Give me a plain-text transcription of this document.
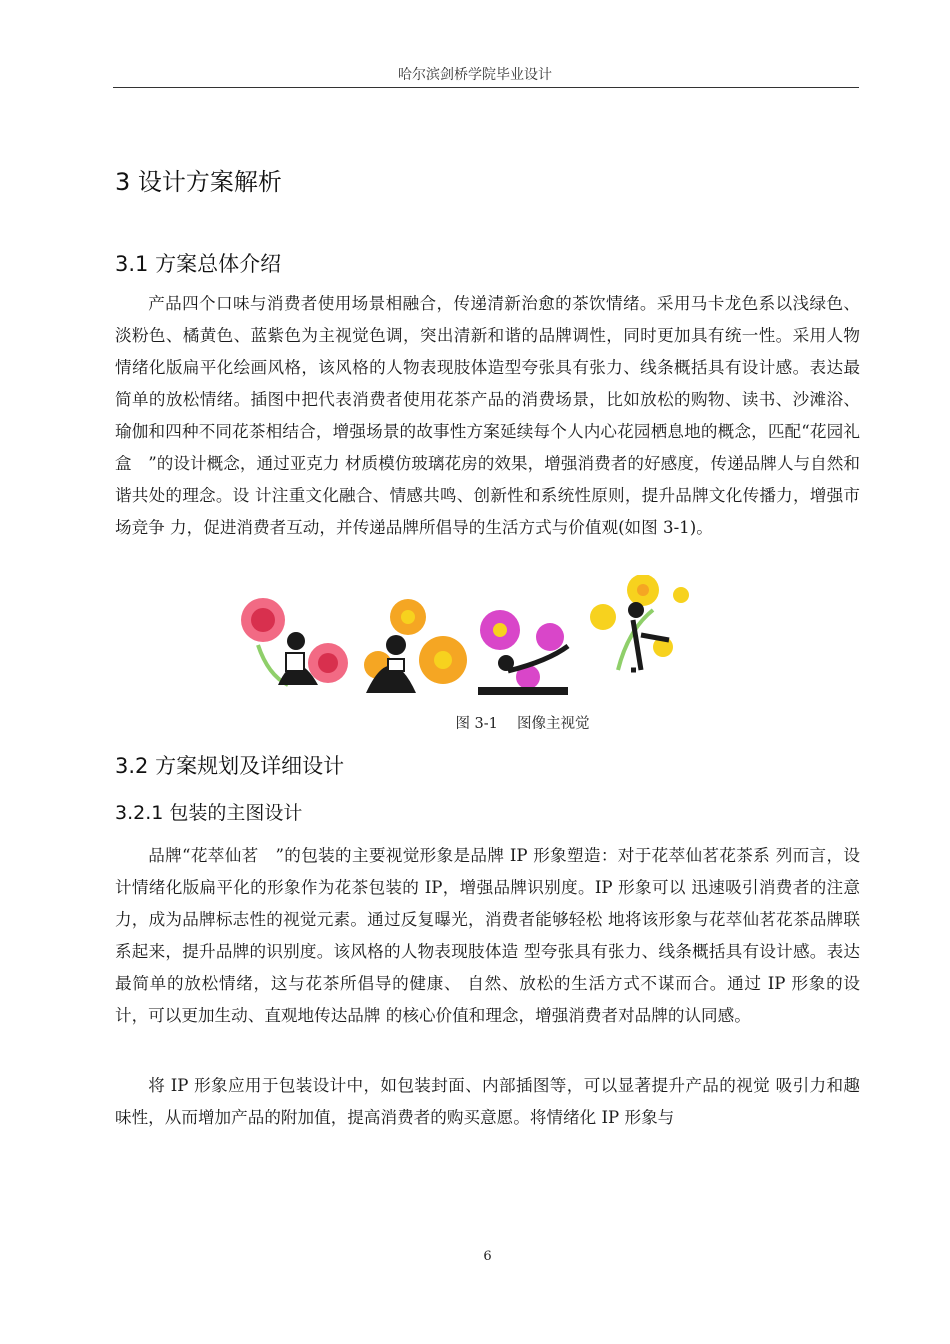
哈尔滨剑桥学院毕业设计
3 设计方案解析
3.1 方案总体介绍

产品四个口味与消费者使用场景相融合，传递清新治愈的茶饮情绪。采用马卡龙色系以浅绿色、淡粉色、橘黄色、蓝紫色为主视觉色调，突出清新和谐的品牌调性，同时更加具有统一性。采用人物情绪化版扁平化绘画风格，该风格的人物表现肢体造型夸张具有张力、线条概括具有设计感。表达最简单的放松情绪。插图中把代表消费者使用花茶产品的消费场景，比如放松的购物、读书、沙滩浴、瑜伽和四种不同花茶相结合，增强场景的故事性方案延续每个人内心花园栖息地的概念，匹配“花园礼盒　”的设计概念，通过亚克力 材质模仿玻璃花房的效果，增强消费者的好感度，传递品牌人与自然和谐共处的理念。设 计注重文化融合、情感共鸣、创新性和系统性原则，提升品牌文化传播力，增强市场竞争 力，促进消费者互动，并传递品牌所倡导的生活方式与价值观(如图 3-1)。

图 3-1　 图像主视觉
3.2 方案规划及详细设计
3.2.1 包装的主图设计

品牌“花萃仙茗　”的包装的主要视觉形象是品牌 IP 形象塑造：对于花萃仙茗花茶系 列而言，设计情绪化版扁平化的形象作为花茶包装的 IP，增强品牌识别度。IP 形象可以 迅速吸引消费者的注意力，成为品牌标志性的视觉元素。通过反复曝光，消费者能够轻松 地将该形象与花萃仙茗花茶品牌联系起来，提升品牌的识别度。该风格的人物表现肢体造 型夸张具有张力、线条概括具有设计感。表达最简单的放松情绪，这与花茶所倡导的健康、 自然、放松的生活方式不谋而合。通过 IP 形象的设计，可以更加生动、直观地传达品牌 的核心价值和理念，增强消费者对品牌的认同感。

将 IP 形象应用于包装设计中，如包装封面、内部插图等，可以显著提升产品的视觉 吸引力和趣味性，从而增加产品的附加值，提高消费者的购买意愿。将情绪化 IP 形象与

6
